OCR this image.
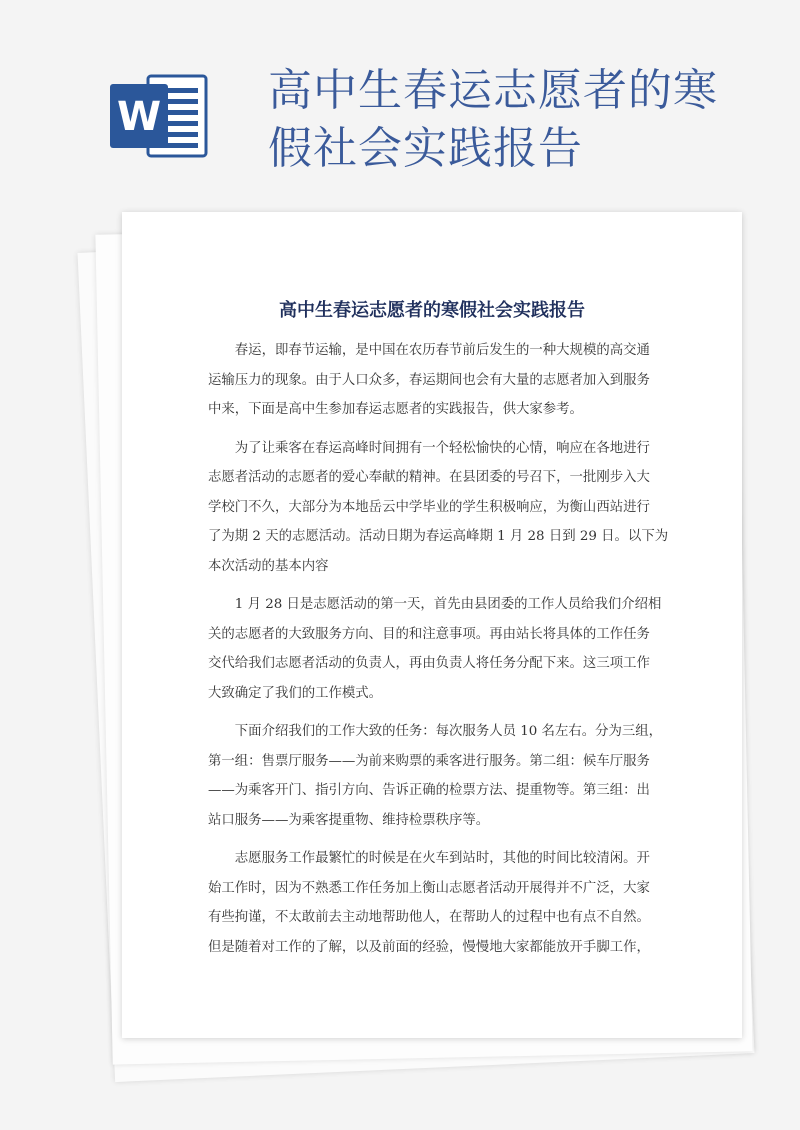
W
高中生春运志愿者的寒
假社会实践报告
高中生春运志愿者的寒假社会实践报告
春运，即春节运输，是中国在农历春节前后发生的一种大规模的高交通
运输压力的现象。由于人口众多，春运期间也会有大量的志愿者加入到服务
中来，下面是高中生参加春运志愿者的实践报告，供大家参考。
为了让乘客在春运高峰时间拥有一个轻松愉快的心情，响应在各地进行
志愿者活动的志愿者的爱心奉献的精神。在县团委的号召下，一批刚步入大
学校门不久，大部分为本地岳云中学毕业的学生积极响应，为衡山西站进行
了为期 2 天的志愿活动。活动日期为春运高峰期 1 月 28 日到 29 日。以下为
本次活动的基本内容
1 月 28 日是志愿活动的第一天，首先由县团委的工作人员给我们介绍相
关的志愿者的大致服务方向、目的和注意事项。再由站长将具体的工作任务
交代给我们志愿者活动的负责人，再由负责人将任务分配下来。这三项工作
大致确定了我们的工作模式。
下面介绍我们的工作大致的任务：每次服务人员 10 名左右。分为三组，
第一组：售票厅服务——为前来购票的乘客进行服务。第二组：候车厅服务
——为乘客开门、指引方向、告诉正确的检票方法、提重物等。第三组：出
站口服务——为乘客提重物、维持检票秩序等。
志愿服务工作最繁忙的时候是在火车到站时，其他的时间比较清闲。开
始工作时，因为不熟悉工作任务加上衡山志愿者活动开展得并不广泛，大家
有些拘谨，不太敢前去主动地帮助他人，在帮助人的过程中也有点不自然。
但是随着对工作的了解，以及前面的经验，慢慢地大家都能放开手脚工作，
